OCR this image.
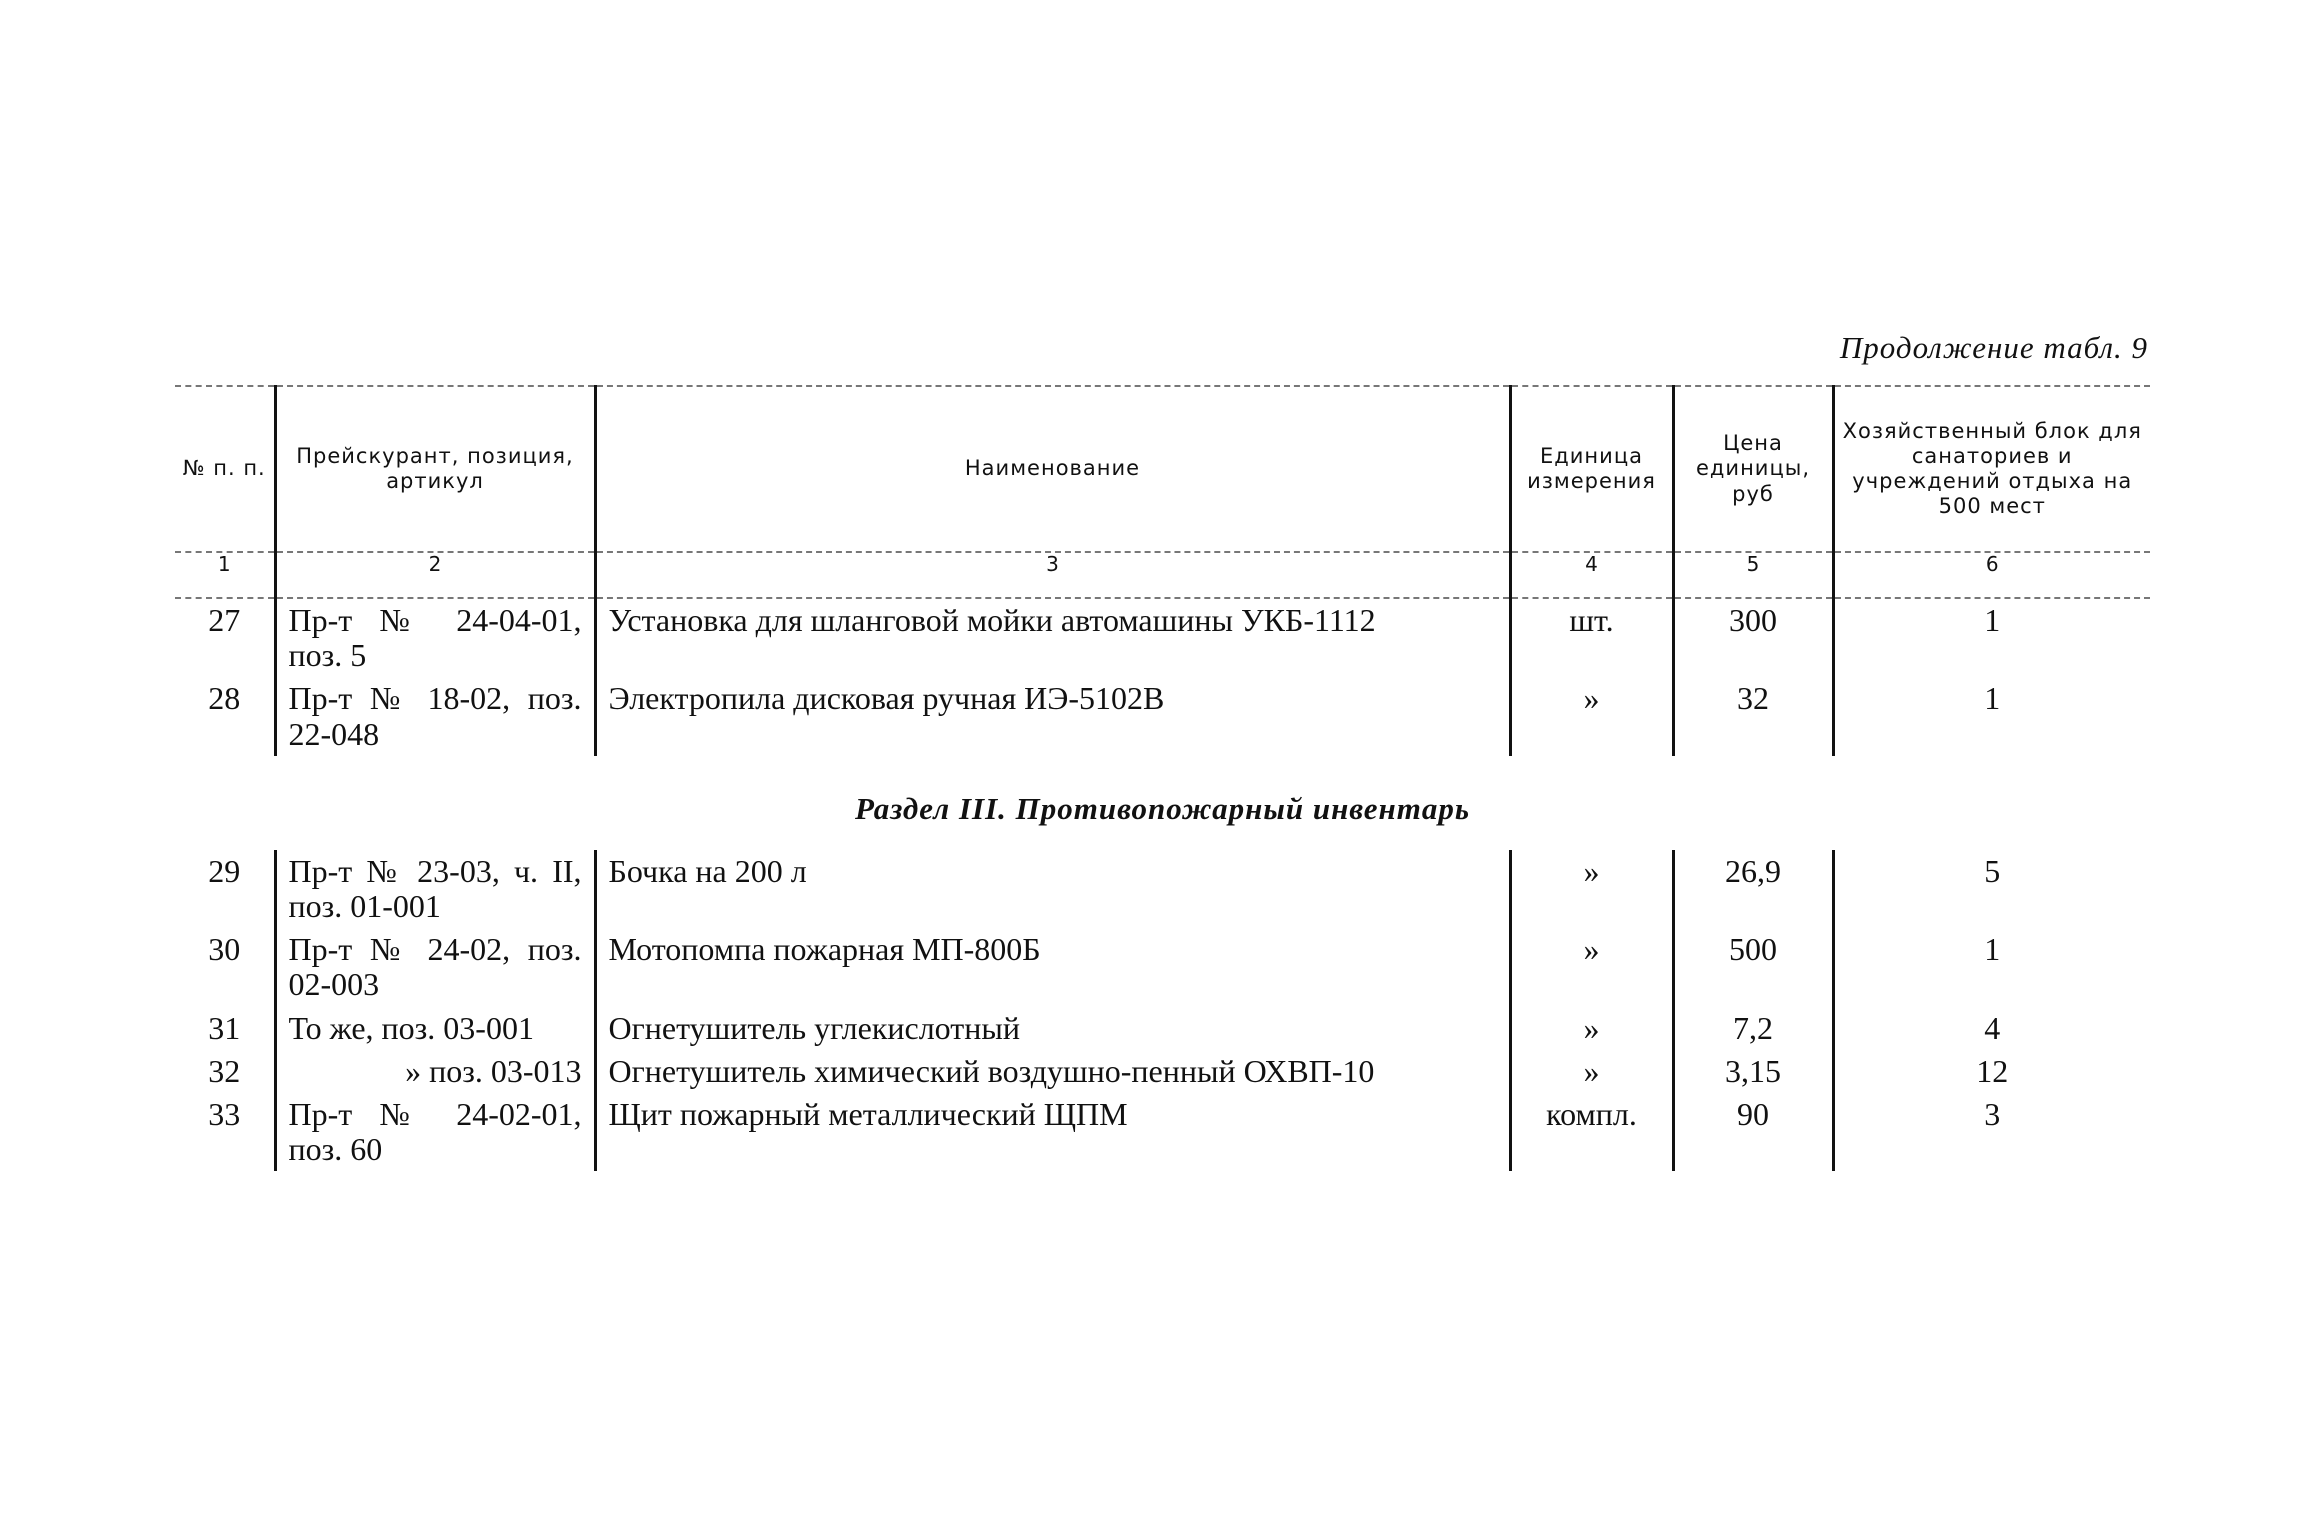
Продолжение табл. 9
№ п. п.	Прейскурант, позиция, артикул	Наименование	Единица измерения	Цена единицы, руб	Хозяйственный блок для санаториев и учреждений отдыха на 500 мест
1	2	3	4	5	6
27	Пр-т № 24-04-01, поз. 5	Установка для шланговой мойки автомашины УКБ-1112	шт.	300	1
28	Пр-т № 18-02, поз. 22-048	Электропила дисковая ручная ИЭ-5102В	»	32	1
Раздел III. Противопожарный инвентарь					
29	Пр-т № 23-03, ч. II, поз. 01-001	Бочка на 200 л	»	26,9	5
30	Пр-т № 24-02, поз. 02-003	Мотопомпа пожарная МП-800Б	»	500	1
31	То же, поз. 03-001	Огнетушитель углекислотный	»	7,2	4
32	» поз. 03-013	Огнетушитель химический воздушно-пенный ОХВП-10	»	3,15	12
33	Пр-т № 24-02-01, поз. 60	Щит пожарный металлический ЩПМ	компл.	90	3
